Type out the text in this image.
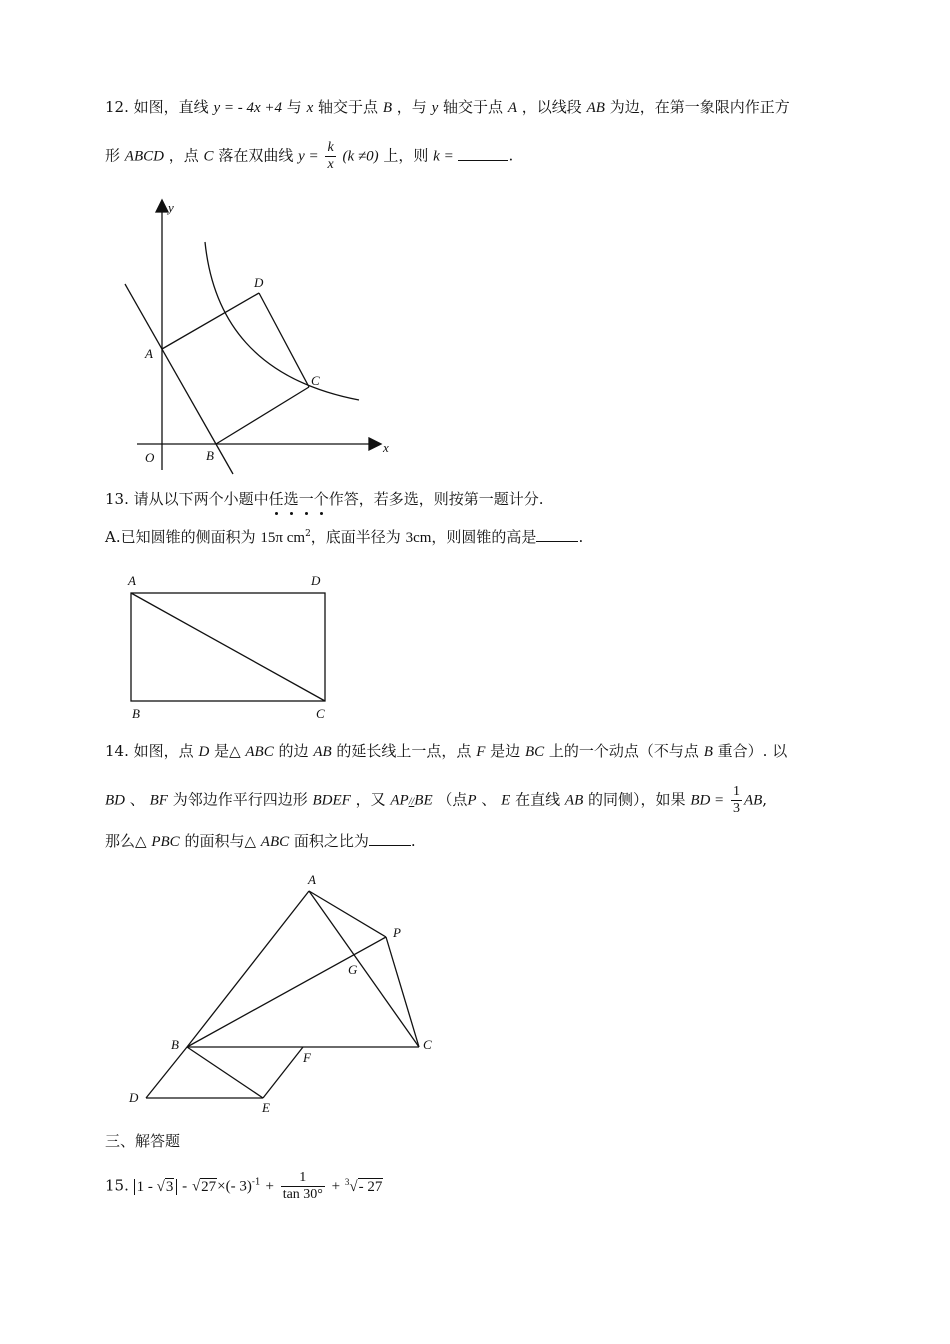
12. 如图，直线 y = - 4x +4 与 x 轴交于点 B ，与 y 轴交于点 A ，以线段 AB 为边，在第一象限内作正方
形 ABCD ，点 C 落在双曲线 $y = \frac{k}{x} (k \ne 0)$ 上，则 k =	.
y
x
O
A
B
C
D
13. 请从以下两个小题中任选一个作答，若多选，则按第一题计分.
A.已知圆锥的侧面积为 15π $cm^2$，底面半径为 3cm，则圆锥的高是	.
A	D
B	C
14. 如图，点 D 是△ ABC 的边 AB 的延长线上一点，点 F 是边 BC 上的一个动点（不与点 B 重合）. 以
BD 、 BF 为邻边作平行四边形 BDEF ，又 AP//BE （点P 、 E 在直线 AB 的同侧），如果 BD = $\frac{1}{3}$ AB,
那么△ PBC 的面积与△ ABC 面积之比为	.
A
P
G
B	C
F
D
E
三、解答题
15. 1 - √3 - √27×(- $3)^{-1} + \frac{1}{\tan 30^\circ} + ^3√-$ 27
